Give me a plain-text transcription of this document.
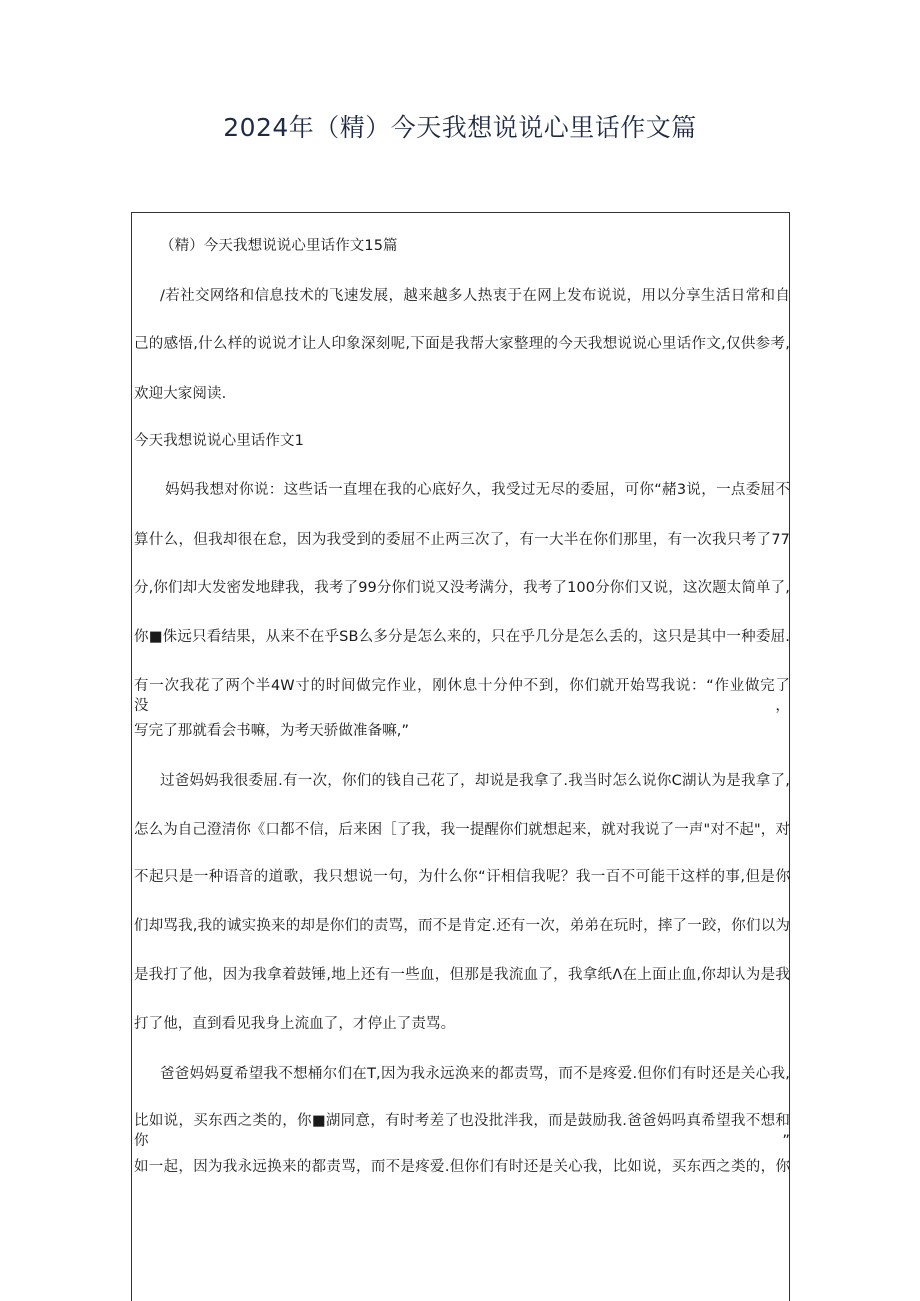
2024年（精）今天我想说说心里话作文篇
（精）今天我想说说心里话作文15篇
/若社交网络和信息技术的飞速发展，越来越多人热衷于在网上发布说说，用以分享生活日常和自
己的感悟,什么样的说说才让人印象深刻呢,下面是我帮大家整理的今天我想说说心里话作文,仅供参考,
欢迎大家阅读.
今天我想说说心里话作文1
妈妈我想对你说：这些话一直埋在我的心底好久，我受过无尽的委屈，可你“赭3说，一点委屈不
算什么，但我却很在怠，因为我受到的委屈不止两三次了，有一大半在你们那里，有一次我只考了77
分,你们却大发密发地肆我，我考了99分你们说又没考满分，我考了100分你们又说，这次题太简单了,
你■侏远只看结果，从来不在乎SB么多分是怎么来的，只在乎几分是怎么丢的，这只是其中一种委屈.
有一次我花了两个半4W寸的时间做完作业，刚休息十分仲不到，你们就开始骂我说：“作业做完了没，
写完了那就看会书嘛，为考天骄做准备嘛,”
过爸妈妈我很委屈.有一次，你们的钱自己花了，却说是我拿了.我当时怎么说你C湖认为是我拿了,
怎么为自己澄清你《口都不信，后来困［了我，我一提醒你们就想起来，就对我说了一声"对不起"，对
不起只是一种语音的道歌，我只想说一句，为什么你“讦相信我呢？我一百不可能干这样的事,但是你
们却骂我,我的诚实换来的却是你们的责骂，而不是肯定.还有一次，弟弟在玩时，摔了一跤，你们以为
是我打了他，因为我拿着鼓锤,地上还有一些血，但那是我流血了，我拿纸Λ在上面止血,你却认为是我
打了他，直到看见我身上流血了，才停止了责骂。
爸爸妈妈夏希望我不想桶尔们在T,因为我永远涣来的都责骂，而不是疼爱.但你们有时还是关心我,
比如说，买东西之类的，你■湖同意，有时考差了也没批泮我，而是鼓励我.爸爸妈吗真希望我不想和你”
如一起，因为我永远换来的都责骂，而不是疼爱.但你们有时还是关心我，比如说，买东西之类的，你
